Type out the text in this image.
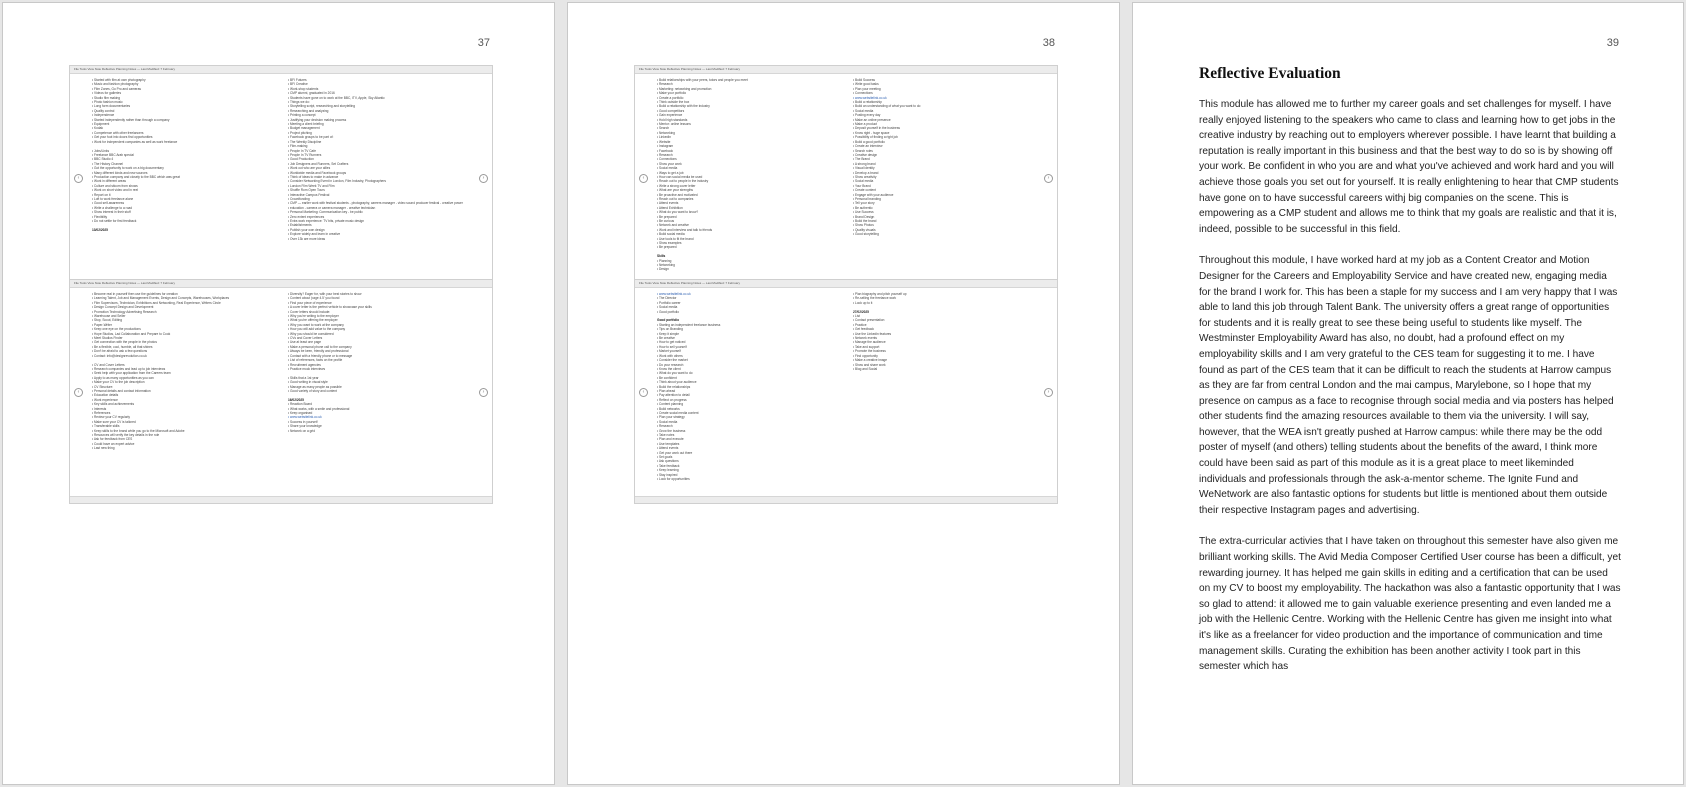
37
File Tools View Note Reflective Planning Notes — Last Modified: 7 February
‹	›
• Started with film at own photography
• Music and fashion photography
• Film Zones, Go Pro and cameras
• Videos for galleries
• Studio film making
• Photo fashion music
• Long form documentaries
• Quality control
• Independence
• Started independently rather than through a company
• Equipment
• Kodak
• Competence with other freelancers
• Get your foot into doors find opportunities
• Work for independent companies as well as work freelance

• Jobs/Links
• Freelance BBC Arab special
• BBC Studio 4
• The History Channel
• Got the opportunity to work on a big documentary
• Many different kinds and new sources
• Production company and closely to the BBC which was great
• Work in different areas
• Culture and sitcom from shows
• Work on short video and in reel
• Report on it
• Loft to work freelance alone
• Good self-awareness
• Write a challenge to a road
• Show interest in their stuff
• Flexibility
• Do not settle for first feedback

13/02/2025
• BFI Futures
• BFI Creative
• Work-shop students
• CMP alumni, graduated in 2016
• Students have gone on to work at the BBC, ITV, Apple, Sky Atlantic
• Things we do:
• Storytelling script, researching and storytelling
• Researching and analyzing
• Printing a concept
• Justifying your decision making process
• Meeting a client briefing
• Budget management
• Project pitching
• Facebook groups to be part of:
• The Weekly Discipline
• Film-making
• People In TV Cafe
• People In TV Runners
• Good Production
• Job Designers and Runners, Set Crafters
• Work out who are your allies
• Worldwide media and Facebook groups
• Think of ideas to make in advance
• Consider Networking Event in London, Film Industry, Photographers
• London Film Week TV and Film
• Shuffle Rom Open Tours
• Interactive Campus Festival
• Crowdfunding
• CMP — earlier work with festival students - photography, careers manager - video sound producer festival - creative power
• education - camera or camera manager - creative technician
• Personal Marketing: Communication key - be public
• Zero extent experiences
• Extra work experience: TV bits, private music design
• Establishments
• Publish your own design
• Explore widely and learn in creative
• Over 13k are more ideas
File Tools View Note Reflective Planning Notes — Last Modified: 7 February
‹	›
• Become real in yourself then use the guidelines for creation
• Learning Talent, Job and Management Events, Design and Concepts, Warehouses, Workplaces
• Film Supervisors, Technician, Exhibitions and Networking, Real Experience, Writers Circle
• Design Concept Design and Development
• Promotion Technology Advertising Research
• Warehouse and Seller
• Stop, Scout, Editing
• Paper-Writer
• Keep one eye on the productions
• Hope Studios, Lad Collaboration and Prepare to Cook
• Meet Studios Finder
• Get connection with the people in the photos
• Be a flexible, cool, humble, all that shines
• Don't be afraid to ask a few questions
• Contact: info@designrevolution.co.uk

• CV and Cover Letters
• Research companies and lead up to job interviews
• Seek help with your application from the Careers team
• Apply to as many opportunities as you can
• Make your CV to the job description
• CV Structure:
• Personal details and contact information
• Education details
• Work experience
• Key skills and achievements
• Interests
• References
• Review your CV regularly
• Make sure your CV is tailored
• Transferable skills
• Keep skills to the brand while you go to the Microsoft and Adobe
• Resources will verify the key details in the role
• Ask for feedback from CES
• Could have an expert advice
• Last new thing
• Diversity? Eager for, with your best stories to show
• Content about 'page 4.5' you found
• Find your piece of experience
• A cover letter is the perfect vehicle to showcase your skills
• Cover letters should include:
• Why you're writing to the employer
• What you're offering the employer
• Why you want to work at the company
• How you will add value to the company
• Why you should be considered
• CVs and Cover Letters
• Use at least one page
• Make a personal phone call to the company
• Always be keen, friendly and professional
• Contact with a friendly phone or to message
• List of references, facts on the profile
• Recruitment agencies
• Practice mock interviews

• Skills that a 1st year
• Good writing in visual style
• Manage as many people as possible
• Good variety of story and content

16/02/2025
• Reaction Board
• What works, with a smile and professional
• Keep organised
• www.websitelink.co.uk
• Success in yourself
• Share your knowledge
• Network on a grid
38
File Tools View Note Reflective Planning Notes — Last Modified: 7 February
‹	›
• Build relationships with your peers, tutors and people you meet
• Research
• Marketing: networking and promotion
• Make your portfolio
• Create a portfolio
• Think outside the box
• Build a relationship with the industry
• Good competitors
• Gain experience
• Hold high standards
• Mentor: online lessons
• Search
• Networking
• LinkedIn
• Website
• Instagram
• Facebook
• Research
• Connections
• Show your work
• Social media
• Ways to get a job
• How can social media be used
• Reach out to people in the industry
• Write a strong cover letter
• What are your strengths
• Be proactive and motivated
• Reach out to companies
• Attend events
• Attend Exhibition
• What do you want to know?
• Be prepared
• Be curious
• Network and creative
• Work and interview and talk to friends
• Build social media
• Use tools to fit the brand
• Show examples
• Be prepared

Skills
• Planning
• Networking
• Design
• Build Success
• Write good tasks
• Plan your meeting
• Connections
• www.websitelink.co.uk
• Build a relationship
• Build an understanding of what you want to do
• Social media
• Posting every day
• Make an online presence
• Make a product
• Deposit yourself in the business
• Know right - huge space
• Possibility of finding a right job
• Build a good portfolio
• Create an interview
• Search roles
• Creative design
• The Brand
• A strong brand
• Visual identity
• Develop a brand
• Show creativity
• Social media
• Your Brand
• Create content
• Engage with your audience
• Personal branding
• Tell your story
• Be authentic
• Use Success
• Brand Design
• Build the brand
• Show Photos
• Quality visuals
• Good storytelling
File Tools View Note Reflective Planning Notes — Last Modified: 7 February
‹	›
• www.websitelink.co.uk
• The Director
• Portfolio career
• Social media
• Good portfolio

Good portfolio
• Starting an independent freelance business
• Tips on Branding
• Keep it simple
• Be creative
• How to get noticed
• How to sell yourself
• Market yourself
• Work with others
• Consider the market
• Do your research
• Know the client
• What do you want to do
• Be confident
• Think about your audience
• Build the relationships
• Plan ahead
• Pay attention to detail
• Reflect on progress
• Content planning
• Build networks
• Create social media content
• Plan your strategy
• Social media
• Research
• Grow the business
• Take notes
• Plan and execute
• Use templates
• Attend events
• Get your work out there
• Set goals
• Ask questions
• Take feedback
• Keep learning
• Stay inspired
• Look for opportunities
• Plan biography and pitch yourself up
• Re-selling the freelance work
• Look up to it

27/02/2025
• List
• Contact presentation
• Practice
• Get feedback
• Use the Linkedin features
• Network events
• Manage the audience
• Take and support
• Promote the business
• Find opportunity
• Make a creative image
• Show and share work
• Blog and Social
39
Reflective Evaluation

This module has allowed me to further my career goals and set challenges for myself. I have really enjoyed listening to the speakers who came to class and learning how to get jobs in the creative industry by reaching out to employers wherever possible. I have learnt that building a reputation is really important in this business and that the best way to do so is by showing off your work. Be confident in who you are and what you've achieved and work hard and you will achieve those goals you set out for yourself. It is really enlightening to hear that CMP students have gone on to have successful careers withj big companies on the scene. This is empowering as a CMP student and allows me to think that my goals are realistic and that it is, indeed, possible to be successful in this field.

Throughout this module, I have worked hard at my job as a Content Creator and Motion Designer for the Careers and Employability Service and have created new, engaging media for the brand I work for. This has been a staple for my success and I am very happy that I was able to land this job through Talent Bank. The university offers a great range of opportunities for students and it is really great to see these being useful to students like myself. The Westminster Employability Award has also, no doubt, had a profound effect on my employability skills and I am very grateful to the CES team for suggesting it to me. I have found as part of the CES team that it can be difficult to reach the students at Harrow campus as they are far from central London and the mai campus, Marylebone, so I hope that my presence on campus as a face to recognise through social media and via posters has helped other students find the amazing resources available to them via the university. I will say, however, that the WEA isn't greatly pushed at Harrow campus: while there may be the odd poster of myself (and others) telling students about the benefits of the award, I think more could have been said as part of this module as it is a great place to meet likeminded individuals and professionals through the ask-a-mentor scheme. The Ignite Fund and WeNetwork are also fantastic options for students but little is mentioned about them outside their respective Instagram pages and advertising.

The extra-curricular activies that I have taken on throughout this semester have also given me brilliant working skills. The Avid Media Composer Certified User course has been a difficult, yet rewarding journey. It has helped me gain skills in editing and a certification that can be used on my CV to boost my employability. The hackathon was also a fantastic opportunity that I was so glad to attend: it allowed me to gain valuable exerience presenting and even landed me a job with the Hellenic Centre. Working with the Hellenic Centre has given me insight into what it's like as a freelancer for video production and the importance of communication and time management skills. Curating the exhibition has been another activity I took part in this semester which has
